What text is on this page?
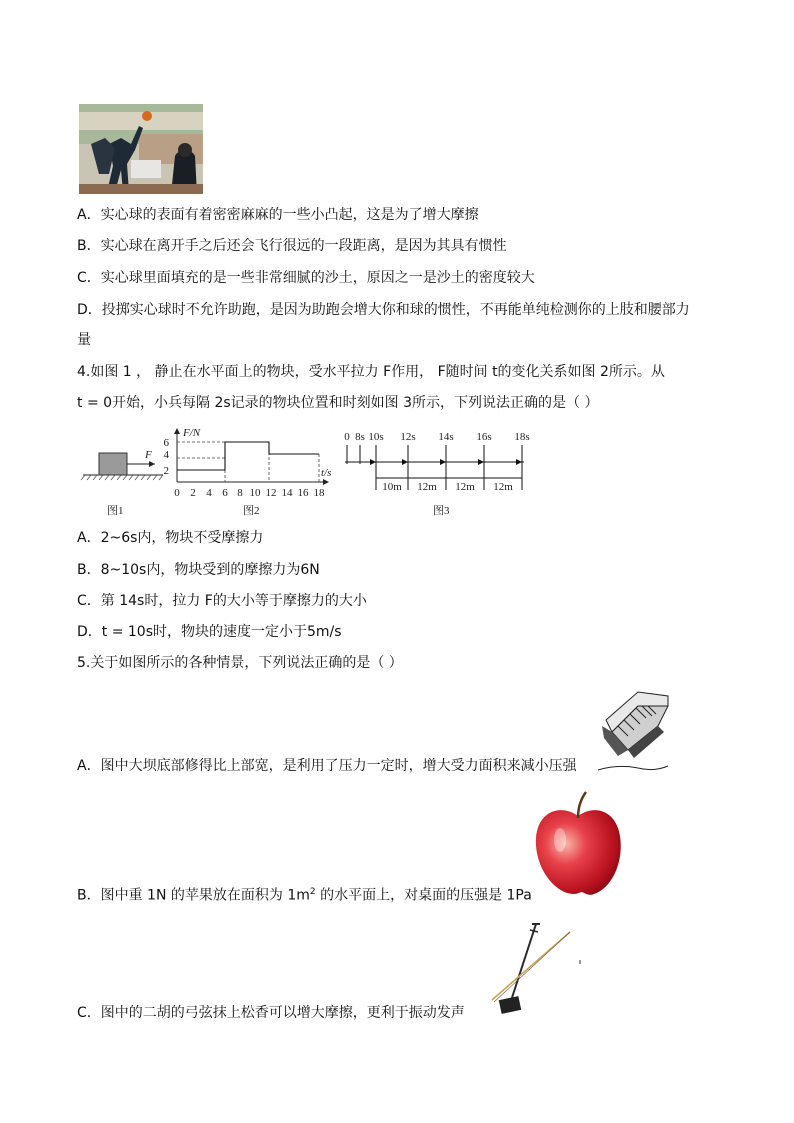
A．实心球的表面有着密密麻麻的一些小凸起，这是为了增大摩擦
B．实心球在离开手之后还会飞行很远的一段距离，是因为其具有惯性
C．实心球里面填充的是一些非常细腻的沙土，原因之一是沙土的密度较大
D．投掷实心球时不允许助跑，是因为助跑会增大你和球的惯性，不再能单纯检测你的上肢和腰部力
量
4.如图 1 ， 静止在水平面上的物块，受水平拉力 F作用， F随时间 t的变化关系如图 2所示。从
t = 0开始，小兵每隔 2s记录的物块位置和时刻如图 3所示，下列说法正确的是（ ）
F
图1
F/N
t/s
6
4
2
0 2 4 6 8 10 12 14 16 18
图2
0 8s 10s 12s 14s 16s 18s
10m 12m 12m 12m
图3
A．2~6s内，物块不受摩擦力
B．8~10s内，物块受到的摩擦力为6N
C．第 14s时，拉力 F的大小等于摩擦力的大小
D．t = 10s时，物块的速度一定小于5m/s
5.关于如图所示的各种情景，下列说法正确的是（ ）
A．图中大坝底部修得比上部宽，是利用了压力一定时，增大受力面积来减小压强
B．图中重 1N 的苹果放在面积为 $1m^2$ 的水平面上，对桌面的压强是 1Pa
C．图中的二胡的弓弦抹上松香可以增大摩擦，更利于振动发声
